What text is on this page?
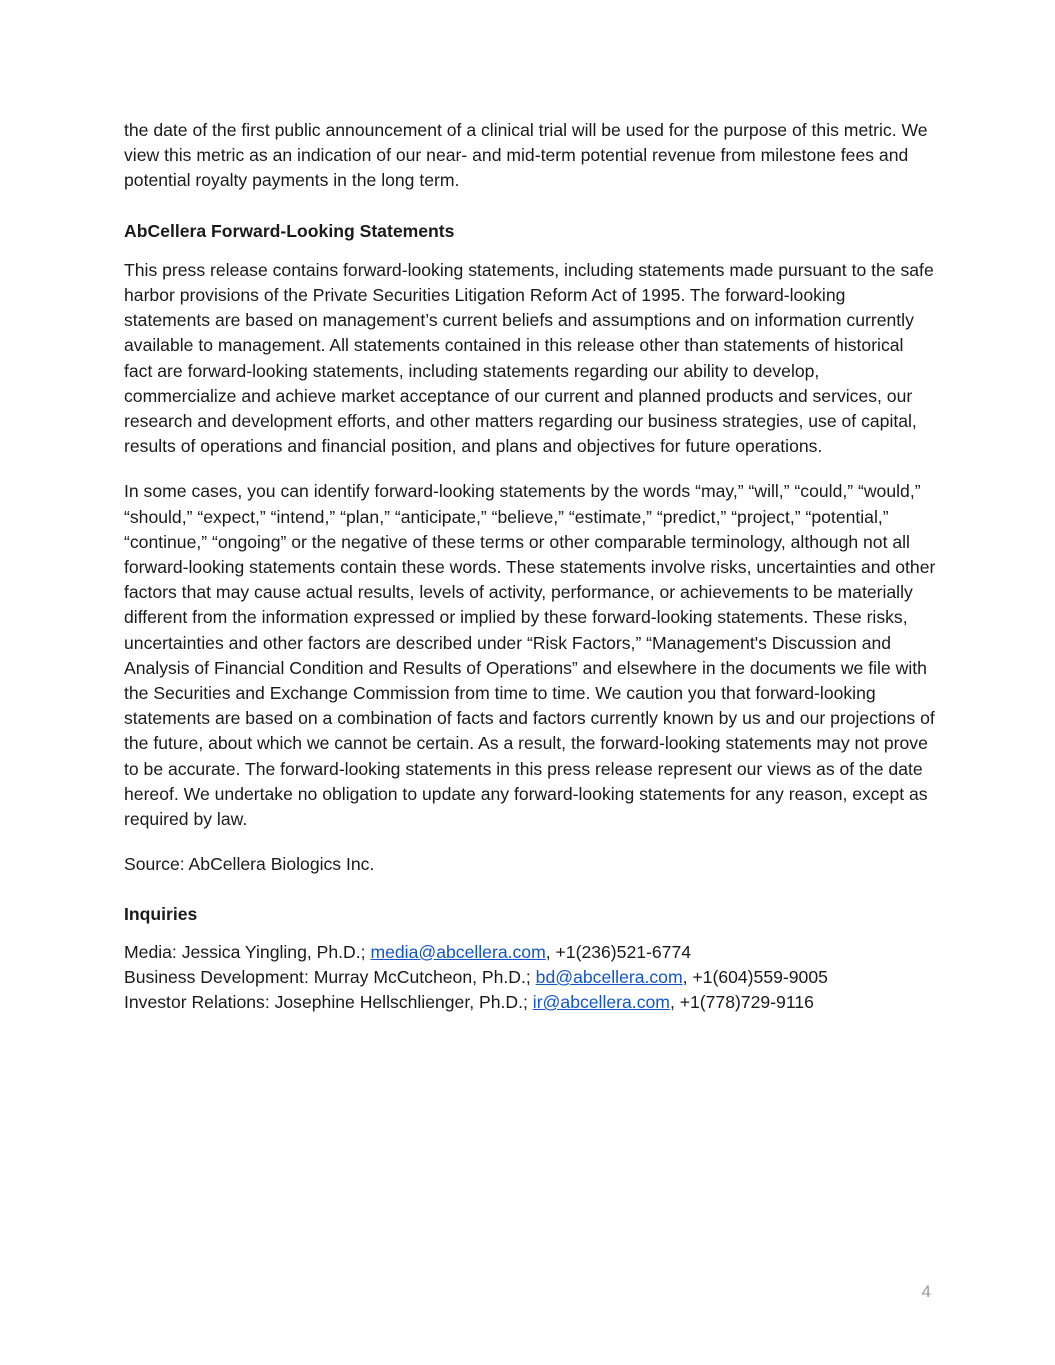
the date of the first public announcement of a clinical trial will be used for the purpose of this metric. We view this metric as an indication of our near- and mid-term potential revenue from milestone fees and potential royalty payments in the long term.

AbCellera Forward-Looking Statements

This press release contains forward-looking statements, including statements made pursuant to the safe harbor provisions of the Private Securities Litigation Reform Act of 1995. The forward-looking statements are based on management’s current beliefs and assumptions and on information currently available to management. All statements contained in this release other than statements of historical fact are forward-looking statements, including statements regarding our ability to develop, commercialize and achieve market acceptance of our current and planned products and services, our research and development efforts, and other matters regarding our business strategies, use of capital, results of operations and financial position, and plans and objectives for future operations.

In some cases, you can identify forward-looking statements by the words “may,” “will,” “could,” “would,” “should,” “expect,” “intend,” “plan,” “anticipate,” “believe,” “estimate,” “predict,” “project,” “potential,” “continue,” “ongoing” or the negative of these terms or other comparable terminology, although not all forward-looking statements contain these words. These statements involve risks, uncertainties and other factors that may cause actual results, levels of activity, performance, or achievements to be materially different from the information expressed or implied by these forward-looking statements. These risks, uncertainties and other factors are described under “Risk Factors,” “Management's Discussion and Analysis of Financial Condition and Results of Operations” and elsewhere in the documents we file with the Securities and Exchange Commission from time to time. We caution you that forward-looking statements are based on a combination of facts and factors currently known by us and our projections of the future, about which we cannot be certain. As a result, the forward-looking statements may not prove to be accurate. The forward-looking statements in this press release represent our views as of the date hereof. We undertake no obligation to update any forward-looking statements for any reason, except as required by law.

Source: AbCellera Biologics Inc.

Inquiries

Media: Jessica Yingling, Ph.D.; media@abcellera.com, +1(236)521-6774

Business Development: Murray McCutcheon, Ph.D.; bd@abcellera.com, +1(604)559-9005

Investor Relations: Josephine Hellschlienger, Ph.D.; ir@abcellera.com, +1(778)729-9116

4
